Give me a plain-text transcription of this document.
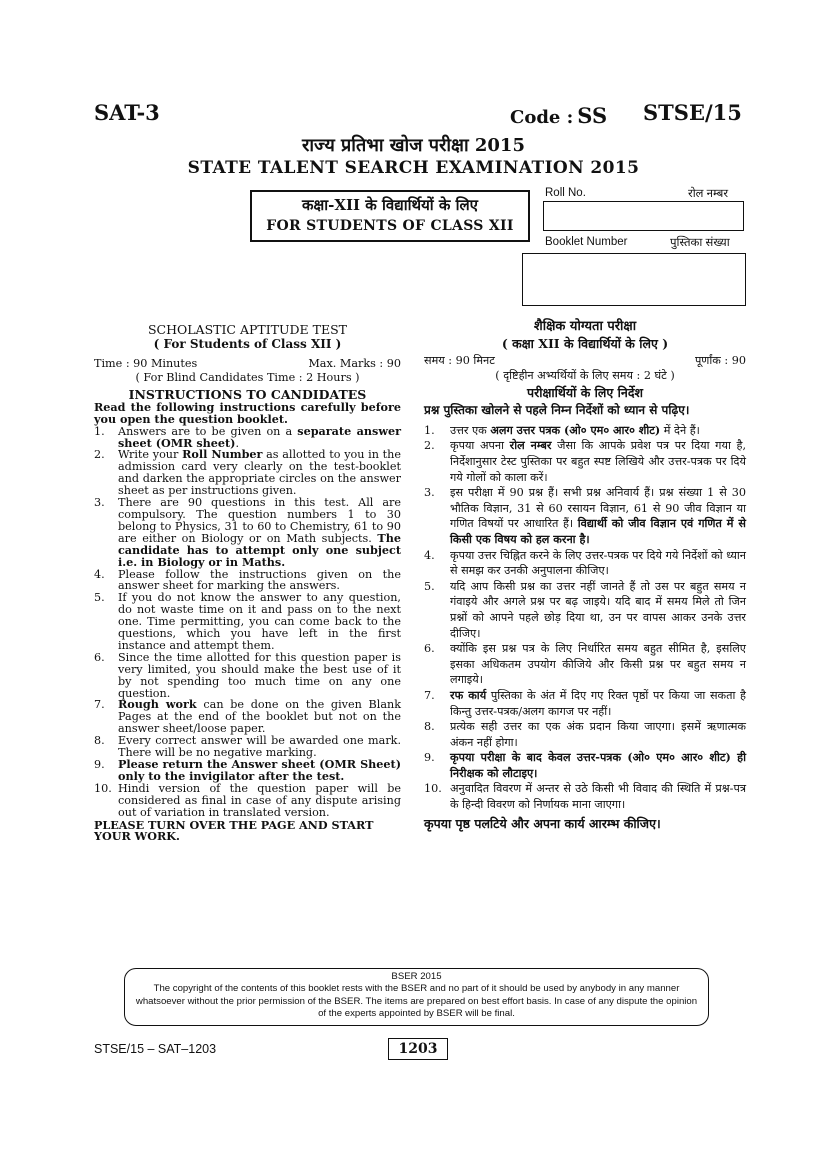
SAT-3	Code : SS STSE/15
राज्य प्रतिभा खोज परीक्षा 2015
STATE TALENT SEARCH EXAMINATION 2015
कक्षा-XII के विद्यार्थियों के लिए
FOR STUDENTS OF CLASS XII
Roll No.	रोल नम्बर
Booklet Number	पुस्तिका संख्या
SCHOLASTIC APTITUDE TEST
( For Students of Class XII )
Time : 90 Minutes	Max. Marks : 90
( For Blind Candidates Time : 2 Hours )
INSTRUCTIONS TO CANDIDATES
Read the following instructions carefully before you open the question booklet.
1. Answers are to be given on a separate answer sheet (OMR sheet).
2. Write your Roll Number as allotted to you in the admission card very clearly on the test-booklet and darken the appropriate circles on the answer sheet as per instructions given.
3. There are 90 questions in this test. All are compulsory. The question numbers 1 to 30 belong to Physics, 31 to 60 to Chemistry, 61 to 90 are either on Biology or on Math subjects. The candidate has to attempt only one subject i.e. in Biology or in Maths.
4. Please follow the instructions given on the answer sheet for marking the answers.
5. If you do not know the answer to any question, do not waste time on it and pass on to the next one. Time permitting, you can come back to the questions, which you have left in the first instance and attempt them.
6. Since the time allotted for this question paper is very limited, you should make the best use of it by not spending too much time on any one question.
7. Rough work can be done on the given Blank Pages at the end of the booklet but not on the answer sheet/loose paper.
8. Every correct answer will be awarded one mark. There will be no negative marking.
9. Please return the Answer sheet (OMR Sheet) only to the invigilator after the test.
10. Hindi version of the question paper will be considered as final in case of any dispute arising out of variation in translated version.
PLEASE TURN OVER THE PAGE AND START YOUR WORK.
शैक्षिक योग्यता परीक्षा
( कक्षा XII के विद्यार्थियों के लिए )
समय : 90 मिनट	पूर्णांक : 90
( दृष्टिहीन अभ्यर्थियों के लिए समय : 2 घंटे )
परीक्षार्थियों के लिए निर्देश
प्रश्न पुस्तिका खोलने से पहले निम्न निर्देशों को ध्यान से पढ़िए।
1. उत्तर एक अलग उत्तर पत्रक (ओ० एम० आर० शीट) में देने हैं।
2. कृपया अपना रोल नम्बर जैसा कि आपके प्रवेश पत्र पर दिया गया है, निर्देशानुसार टेस्ट पुस्तिका पर बहुत स्पष्ट लिखिये और उत्तर-पत्रक पर दिये गये गोलों को काला करें।
3. इस परीक्षा में 90 प्रश्न हैं। सभी प्रश्न अनिवार्य हैं। प्रश्न संख्या 1 से 30 भौतिक विज्ञान, 31 से 60 रसायन विज्ञान, 61 से 90 जीव विज्ञान या गणित विषयों पर आधारित हैं। विद्यार्थी को जीव विज्ञान एवं गणित में से किसी एक विषय को हल करना है।
4. कृपया उत्तर चिह्नित करने के लिए उत्तर-पत्रक पर दिये गये निर्देशों को ध्यान से समझ कर उनकी अनुपालना कीजिए।
5. यदि आप किसी प्रश्न का उत्तर नहीं जानते हैं तो उस पर बहुत समय न गंवाइये और अगले प्रश्न पर बढ़ जाइये। यदि बाद में समय मिले तो जिन प्रश्नों को आपने पहले छोड़ दिया था, उन पर वापस आकर उनके उत्तर दीजिए।
6. क्योंकि इस प्रश्न पत्र के लिए निर्धारित समय बहुत सीमित है, इसलिए इसका अधिकतम उपयोग कीजिये और किसी प्रश्न पर बहुत समय न लगाइये।
7. रफ कार्य पुस्तिका के अंत में दिए गए रिक्त पृष्ठों पर किया जा सकता है किन्तु उत्तर-पत्रक/अलग कागज पर नहीं।
8. प्रत्येक सही उत्तर का एक अंक प्रदान किया जाएगा। इसमें ऋणात्मक अंकन नहीं होगा।
9. कृपया परीक्षा के बाद केवल उत्तर-पत्रक (ओ० एम० आर० शीट) ही निरीक्षक को लौटाइए।
10. अनुवादित विवरण में अन्तर से उठे किसी भी विवाद की स्थिति में प्रश्न-पत्र के हिन्दी विवरण को निर्णायक माना जाएगा।
कृपया पृष्ठ पलटिये और अपना कार्य आरम्भ कीजिए।
BSER 2015
The copyright of the contents of this booklet rests with the BSER and no part of it should be used by anybody in any manner whatsoever without the prior permission of the BSER. The items are prepared on best effort basis. In case of any dispute the opinion of the experts appointed by BSER will be final.
STSE/15 – SAT–1203	1203
